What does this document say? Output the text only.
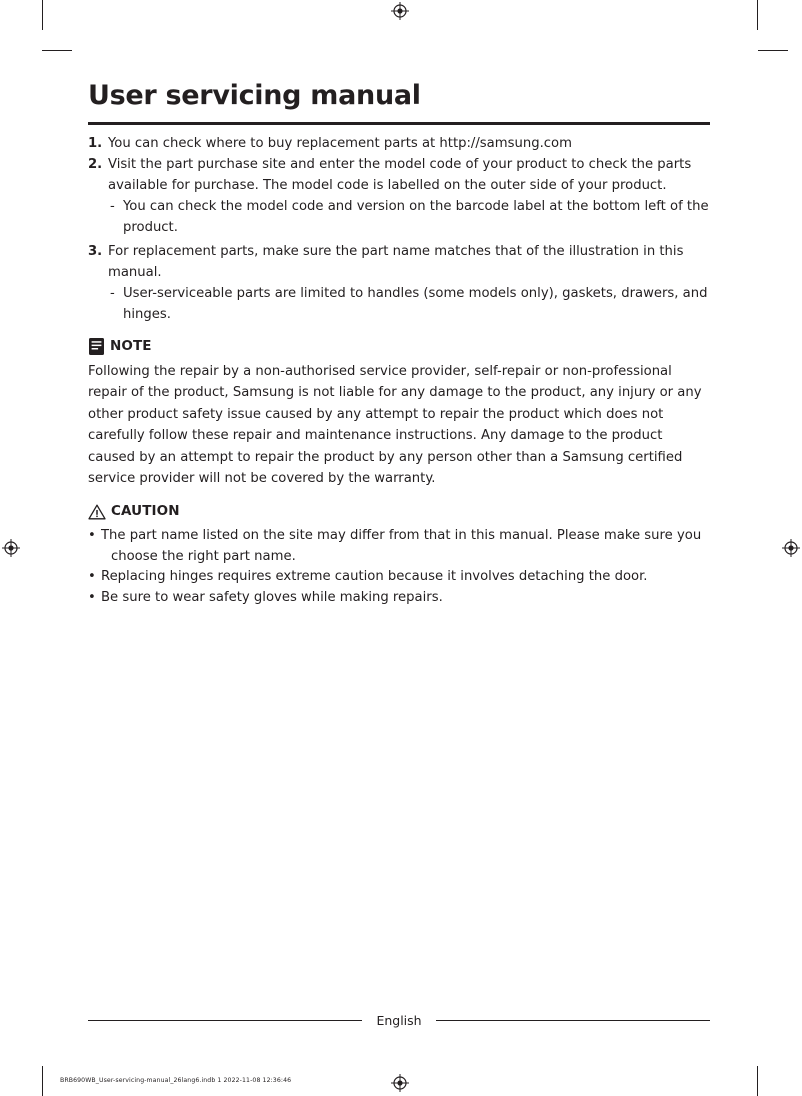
User servicing manual
1. You can check where to buy replacement parts at http://samsung.com
2. Visit the part purchase site and enter the model code of your product to check the parts available for purchase. The model code is labelled on the outer side of your product.
- You can check the model code and version on the barcode label at the bottom left of the product.
3. For replacement parts, make sure the part name matches that of the illustration in this manual.
- User-serviceable parts are limited to handles (some models only), gaskets, drawers, and hinges.
NOTE
Following the repair by a non-authorised service provider, self-repair or non-professional repair of the product, Samsung is not liable for any damage to the product, any injury or any other product safety issue caused by any attempt to repair the product which does not carefully follow these repair and maintenance instructions. Any damage to the product caused by an attempt to repair the product by any person other than a Samsung certified service provider will not be covered by the warranty.
CAUTION
• The part name listed on the site may differ from that in this manual. Please make sure you
choose the right part name.
• Replacing hinges requires extreme caution because it involves detaching the door.
• Be sure to wear safety gloves while making repairs.
English
BRB690WB_User-servicing-manual_26lang6.indb 1 2022-11-08 12:36:46
